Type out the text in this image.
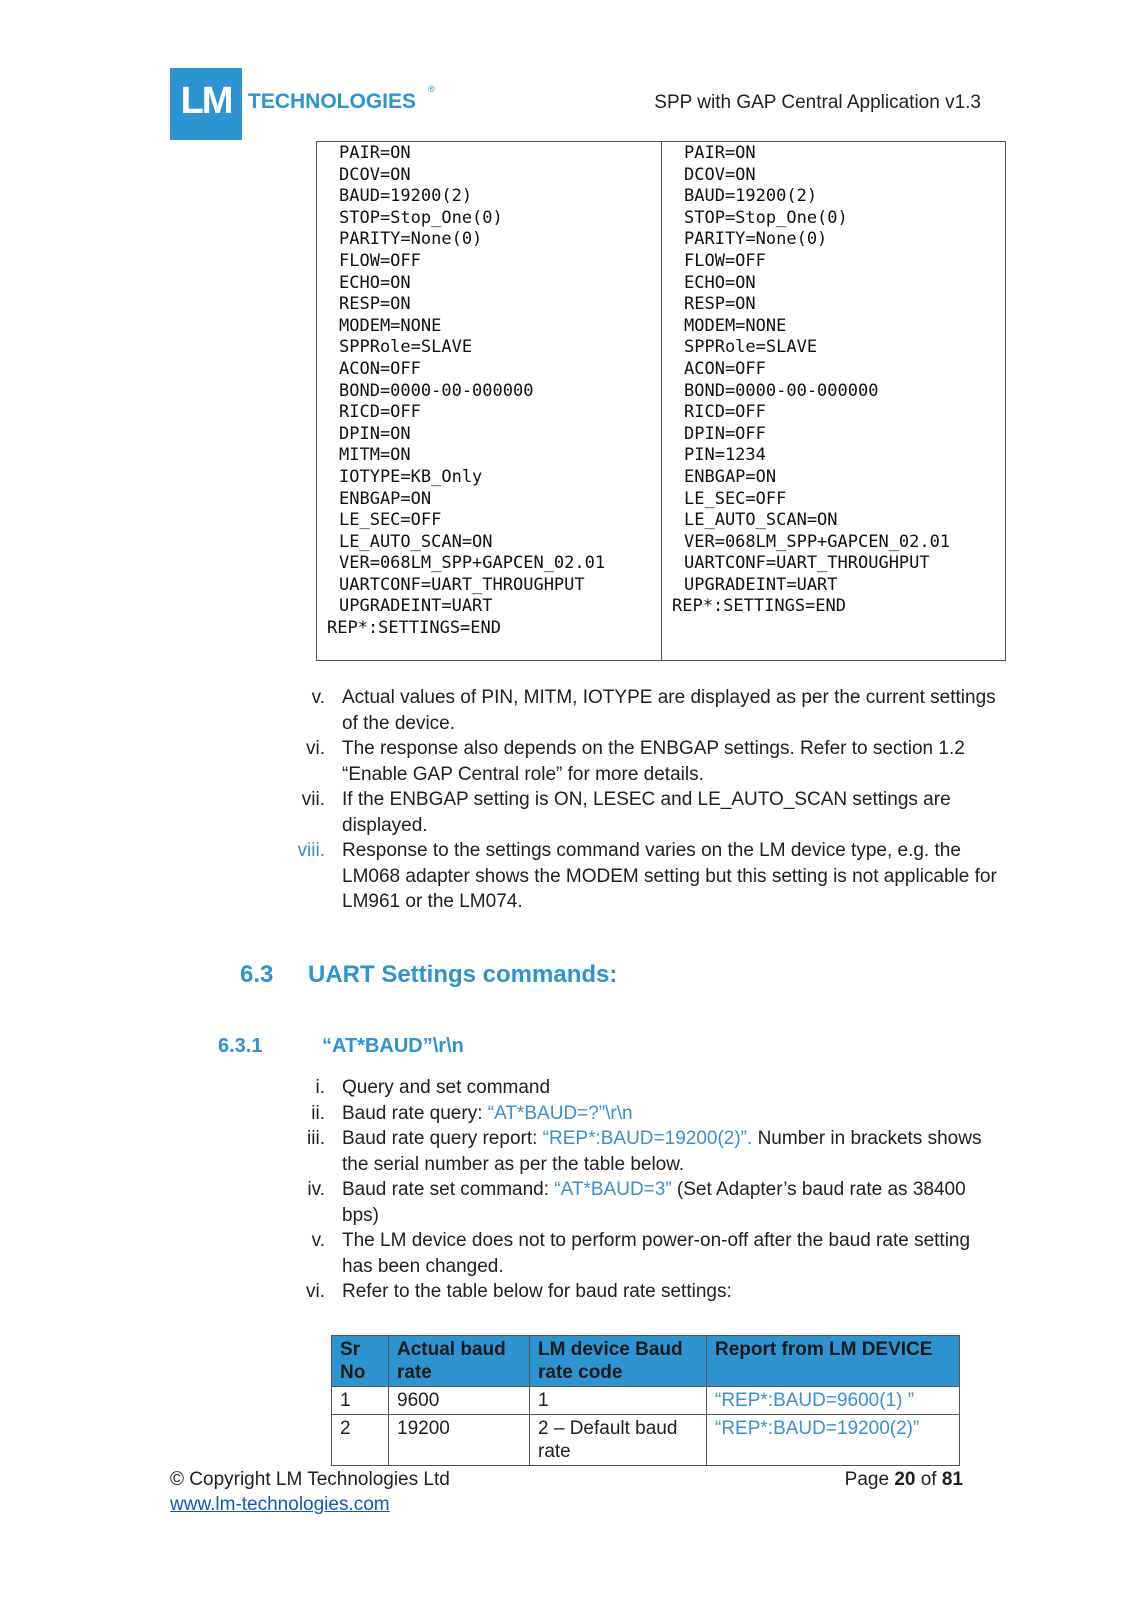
LM TECHNOLOGIES
®
SPP with GAP Central Application v1.3
PAIR=ON
DCOV=ON
BAUD=19200(2)
STOP=Stop_One(0)
PARITY=None(0)
FLOW=OFF
ECHO=ON
RESP=ON
MODEM=NONE
SPPRole=SLAVE
ACON=OFF
BOND=0000-00-000000
RICD=OFF
DPIN=ON
MITM=ON
IOTYPE=KB_Only
ENBGAP=ON
LE_SEC=OFF
LE_AUTO_SCAN=ON
VER=068LM_SPP+GAPCEN_02.01
UARTCONF=UART_THROUGHPUT
UPGRADEINT=UART
REP*:SETTINGS=END
PAIR=ON
DCOV=ON
BAUD=19200(2)
STOP=Stop_One(0)
PARITY=None(0)
FLOW=OFF
ECHO=ON
RESP=ON
MODEM=NONE
SPPRole=SLAVE
ACON=OFF
BOND=0000-00-000000
RICD=OFF
DPIN=OFF
PIN=1234
ENBGAP=ON
LE_SEC=OFF
LE_AUTO_SCAN=ON
VER=068LM_SPP+GAPCEN_02.01
UARTCONF=UART_THROUGHPUT
UPGRADEINT=UART
REP*:SETTINGS=END
v. Actual values of PIN, MITM, IOTYPE are displayed as per the current settings of the device.
vi. The response also depends on the ENBGAP settings. Refer to section 1.2 “Enable GAP Central role” for more details.
vii. If the ENBGAP setting is ON, LESEC and LE_AUTO_SCAN settings are displayed.
viii. Response to the settings command varies on the LM device type, e.g. the LM068 adapter shows the MODEM setting but this setting is not applicable for LM961 or the LM074.
6.3 UART Settings commands:
6.3.1	“AT*BAUD”\r\n
i. Query and set command
ii. Baud rate query: “AT*BAUD=?”\r\n
iii. Baud rate query report: “REP*:BAUD=19200(2)”. Number in brackets shows the serial number as per the table below.
iv. Baud rate set command: “AT*BAUD=3” (Set Adapter’s baud rate as 38400 bps)
v. The LM device does not to perform power-on-off after the baud rate setting has been changed.
vi. Refer to the table below for baud rate settings:
Sr No	Actual baud rate	LM device Baud rate code	Report from LM DEVICE
1	9600	1	“REP*:BAUD=9600(1) ”
2	19200	2 – Default baud rate	“REP*:BAUD=19200(2)”
© Copyright LM Technologies Ltd
www.lm-technologies.com
Page 20 of 81
